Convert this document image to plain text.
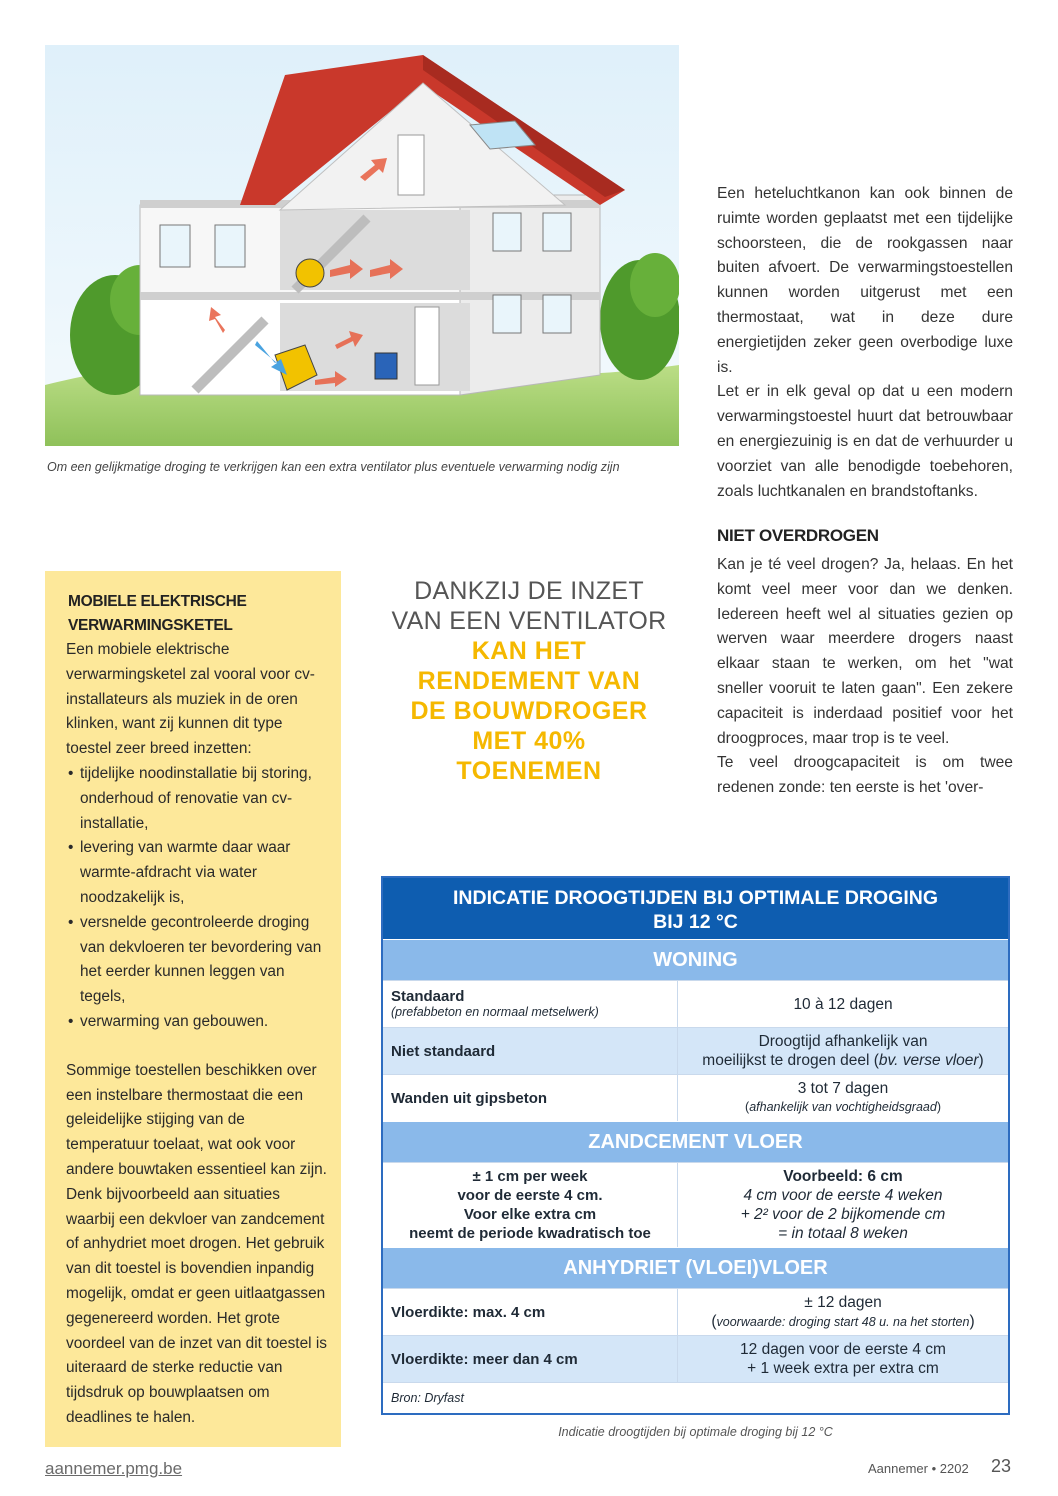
Om een gelijkmatige droging te verkrijgen kan een extra ventilator plus eventuele verwarming nodig zijn

Een heteluchtkanon kan ook binnen de ruimte worden geplaatst met een tijdelijke schoorsteen, die de rookgassen naar buiten afvoert. De verwarmingstoestellen kunnen worden uitgerust met een thermostaat, wat in deze dure energietijden zeker geen overbodige luxe is.

Let er in elk geval op dat u een modern verwarmingstoestel huurt dat betrouwbaar en energiezuinig is en dat de verhuurder u voorziet van alle benodigde toebehoren, zoals luchtkanalen en brandstoftanks.

NIET OVERDROGEN

Kan je té veel drogen? Ja, helaas. En het komt veel meer voor dan we denken. Iedereen heeft wel al situaties gezien op werven waar meerdere drogers naast elkaar staan te werken, om het "wat sneller vooruit te laten gaan". Een zekere capaciteit is inderdaad positief voor het droogproces, maar trop is te veel.

Te veel droogcapaciteit is om twee redenen zonde: ten eerste is het 'over-

MOBIELE ELEKTRISCHE VERWARMINGSKETEL

Een mobiele elektrische verwarmingsketel zal vooral voor cv-installateurs als muziek in de oren klinken, want zij kunnen dit type toestel zeer breed inzetten:

• tijdelijke noodinstallatie bij storing, onderhoud of renovatie van cv-installatie,
• levering van warmte daar waar warmte-afdracht via water noodzakelijk is,
• versnelde gecontroleerde droging van dekvloeren ter bevordering van het eerder kunnen leggen van tegels,
• verwarming van gebouwen.

Sommige toestellen beschikken over een instelbare thermostaat die een geleidelijke stijging van de temperatuur toelaat, wat ook voor andere bouwtaken essentieel kan zijn. Denk bijvoorbeeld aan situaties waarbij een dekvloer van zandcement of anhydriet moet drogen. Het gebruik van dit toestel is bovendien inpandig mogelijk, omdat er geen uitlaatgassen gegenereerd worden. Het grote voordeel van de inzet van dit toestel is uiteraard de sterke reductie van tijdsdruk op bouwplaatsen om deadlines te halen.

DANKZIJ DE INZET
VAN EEN VENTILATOR
KAN HET
RENDEMENT VAN
DE BOUWDROGER
MET 40%
TOENEMEN
INDICATIE DROOGTIJDEN BIJ OPTIMALE DROGING
BIJ 12 °C
WONING
Standaard
(prefabbeton en normaal metselwerk)	10 à 12 dagen
Niet standaard
Droogtijd afhankelijk van
moeilijkst te drogen deel (bv. verse vloer)
Wanden uit gipsbeton
3 tot 7 dagen
(afhankelijk van vochtigheidsgraad)
ZANDCEMENT VLOER
± 1 cm per week
voor de eerste 4 cm.
Voor elke extra cm
neemt de periode kwadratisch toe
Voorbeeld: 6 cm
4 cm voor de eerste 4 weken
+ 2² voor de 2 bijkomende cm
= in totaal 8 weken
ANHYDRIET (VLOEI)VLOER
Vloerdikte: max. 4 cm
± 12 dagen
(voorwaarde: droging start 48 u. na het storten)
Vloerdikte: meer dan 4 cm
12 dagen voor de eerste 4 cm
+ 1 week extra per extra cm
Bron: Dryfast
Indicatie droogtijden bij optimale droging bij 12 °C
aannemer.pmg.be	Aannemer • 2202 23
